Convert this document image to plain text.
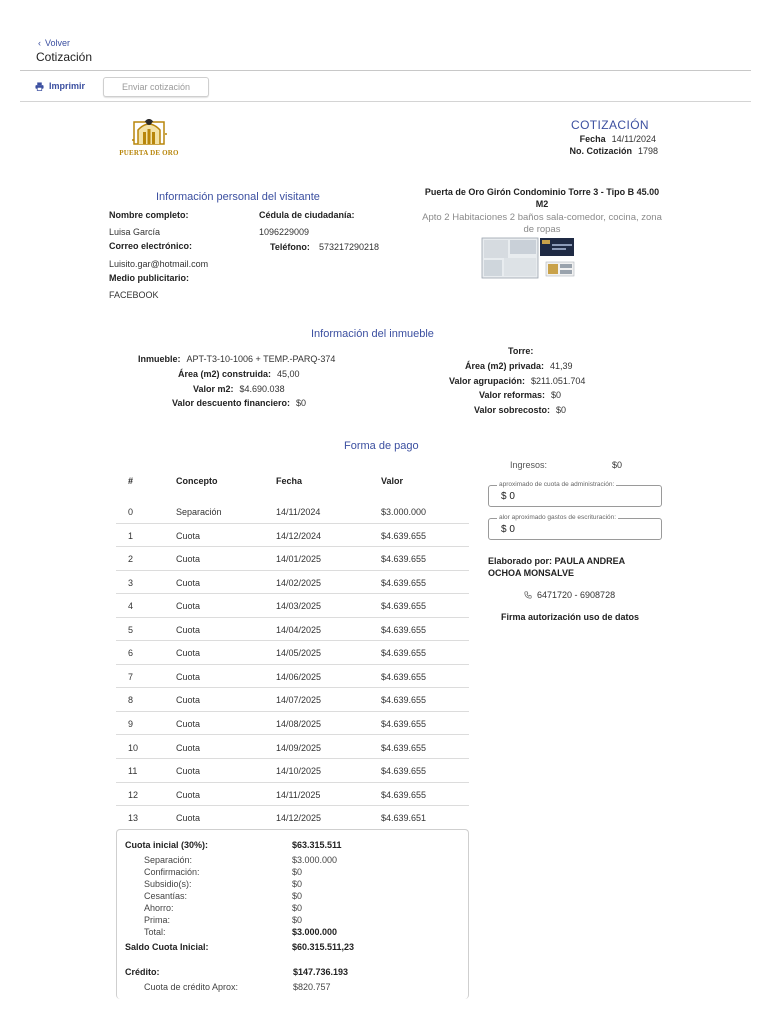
‹ Volver
Cotización
Imprimir	Enviar cotización
PUERTA DE ORO
COTIZACIÓN
Fecha 14/11/2024
No. Cotización 1798
Información personal del visitante
Nombre completo:	Cédula de ciudadanía:
Luisa García	1096229009
Correo electrónico:	Teléfono: 573217290218
Luisito.gar@hotmail.com
Medio publicitario:
FACEBOOK
Puerta de Oro Girón Condominio Torre 3 - Tipo B 45.00 M2
Apto 2 Habitaciones 2 baños sala-comedor, cocina, zona de ropas
Información del inmueble
Inmueble: APT-T3-10-1006 + TEMP.-PARQ-374
Área (m2) construida: 45,00
Valor m2: $4.690.038
Valor descuento financiero: $0
Torre:
Área (m2) privada: 41,39
Valor agrupación: $211.051.704
Valor reformas: $0
Valor sobrecosto: $0
Forma de pago
#	Concepto	Fecha	Valor
0	Separación	14/11/2024	$3.000.000
1	Cuota	14/12/2024	$4.639.655
2	Cuota	14/01/2025	$4.639.655
3	Cuota	14/02/2025	$4.639.655
4	Cuota	14/03/2025	$4.639.655
5	Cuota	14/04/2025	$4.639.655
6	Cuota	14/05/2025	$4.639.655
7	Cuota	14/06/2025	$4.639.655
8	Cuota	14/07/2025	$4.639.655
9	Cuota	14/08/2025	$4.639.655
10	Cuota	14/09/2025	$4.639.655
11	Cuota	14/10/2025	$4.639.655
12	Cuota	14/11/2025	$4.639.655
13	Cuota	14/12/2025	$4.639.651
Cuota inicial (30%):	$63.315.511
Separación:	$3.000.000
Confirmación:	$0
Subsidio(s):	$0
Cesantías:	$0
Ahorro:	$0
Prima:	$0
Total:	$3.000.000
Saldo Cuota Inicial:	$60.315.511,23
Crédito:	$147.736.193
Cuota de crédito Aprox:	$820.757
Ingresos:	$0
aproximado de cuota de administración:
$ 0
alor aproximado gastos de escrituración:
$ 0
Elaborado por: PAULA ANDREA OCHOA MONSALVE
6471720 - 6908728
Firma autorización uso de datos
